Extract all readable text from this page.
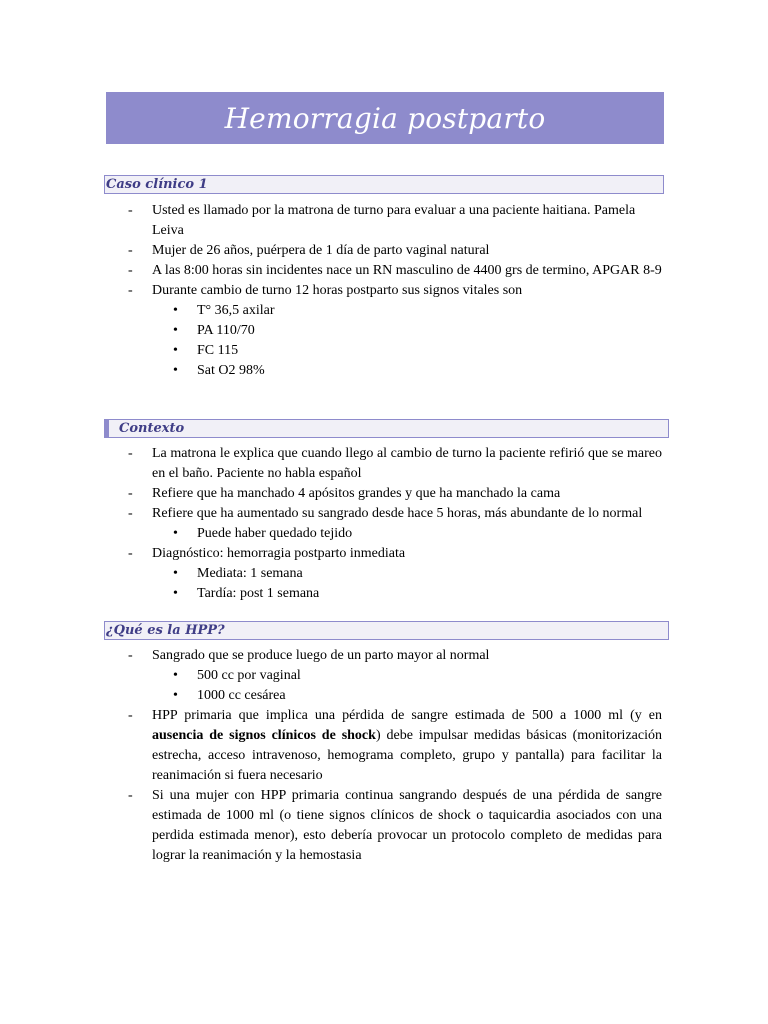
Hemorragia postparto
Caso clínico 1
- Usted es llamado por la matrona de turno para evaluar a una paciente haitiana. Pamela Leiva
- Mujer de 26 años, puérpera de 1 día de parto vaginal natural
- A las 8:00 horas sin incidentes nace un RN masculino de 4400 grs de termino, APGAR 8-9
- Durante cambio de turno 12 horas postparto sus signos vitales son
• T° 36,5 axilar
• PA 110/70
• FC 115
• Sat O2 98%
Contexto
- La matrona le explica que cuando llego al cambio de turno la paciente refirió que se mareo en el baño. Paciente no habla español
- Refiere que ha manchado 4 apósitos grandes y que ha manchado la cama
- Refiere que ha aumentado su sangrado desde hace 5 horas, más abundante de lo normal
• Puede haber quedado tejido
- Diagnóstico: hemorragia postparto inmediata
• Mediata: 1 semana
• Tardía: post 1 semana
¿Qué es la HPP?
- Sangrado que se produce luego de un parto mayor al normal
• 500 cc por vaginal
• 1000 cc cesárea
- HPP primaria que implica una pérdida de sangre estimada de 500 a 1000 ml (y en ausencia de signos clínicos de shock) debe impulsar medidas básicas (monitorización estrecha, acceso intravenoso, hemograma completo, grupo y pantalla) para facilitar la reanimación si fuera necesario
- Si una mujer con HPP primaria continua sangrando después de una pérdida de sangre estimada de 1000 ml (o tiene signos clínicos de shock o taquicardia asociados con una perdida estimada menor), esto debería provocar un protocolo completo de medidas para lograr la reanimación y la hemostasia
